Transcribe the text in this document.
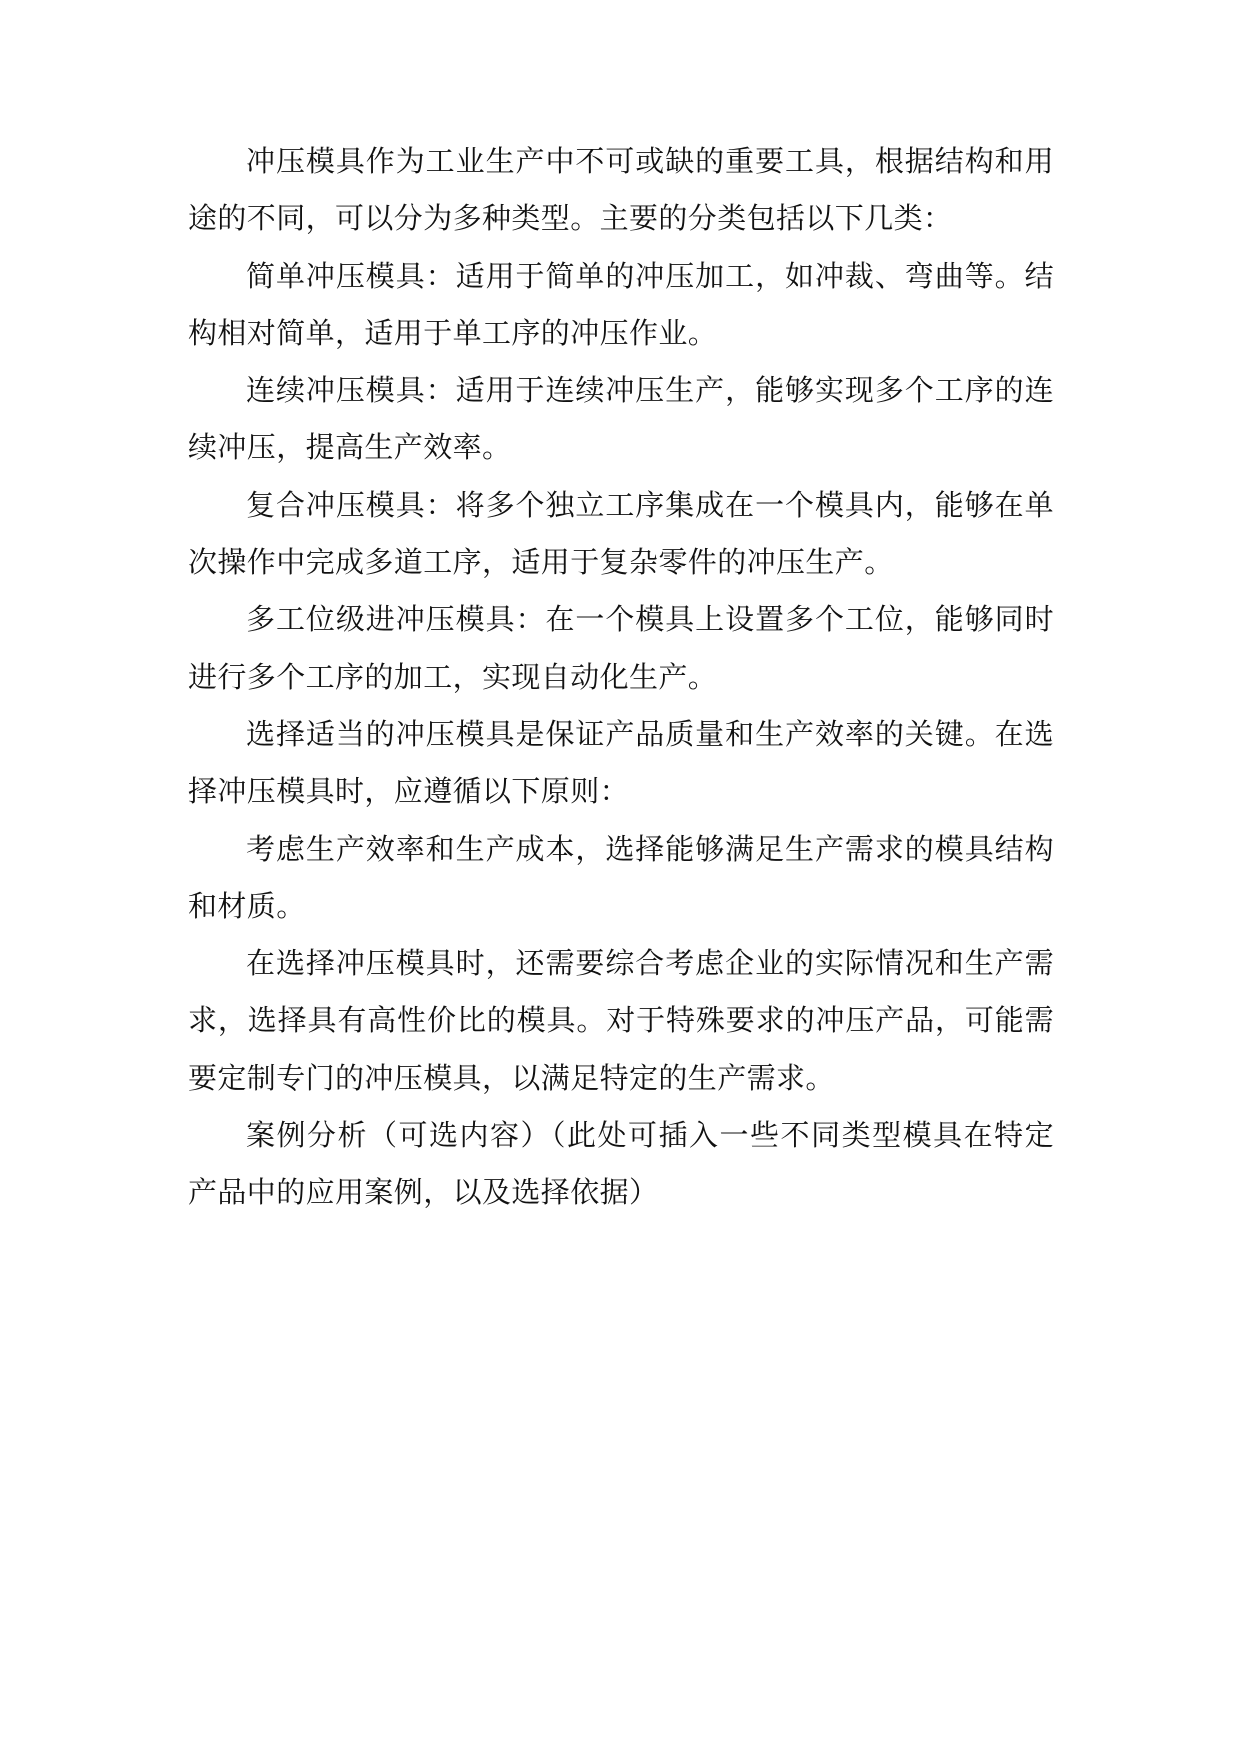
冲压模具作为工业生产中不可或缺的重要工具，根据结构和用途的不同，可以分为多种类型。主要的分类包括以下几类：

简单冲压模具：适用于简单的冲压加工，如冲裁、弯曲等。结构相对简单，适用于单工序的冲压作业。

连续冲压模具：适用于连续冲压生产，能够实现多个工序的连续冲压，提高生产效率。

复合冲压模具：将多个独立工序集成在一个模具内，能够在单次操作中完成多道工序，适用于复杂零件的冲压生产。

多工位级进冲压模具：在一个模具上设置多个工位，能够同时进行多个工序的加工，实现自动化生产。

选择适当的冲压模具是保证产品质量和生产效率的关键。在选择冲压模具时，应遵循以下原则：

考虑生产效率和生产成本，选择能够满足生产需求的模具结构和材质。

在选择冲压模具时，还需要综合考虑企业的实际情况和生产需求，选择具有高性价比的模具。对于特殊要求的冲压产品，可能需要定制专门的冲压模具，以满足特定的生产需求。

案例分析（可选内容）（此处可插入一些不同类型模具在特定产品中的应用案例，以及选择依据）
